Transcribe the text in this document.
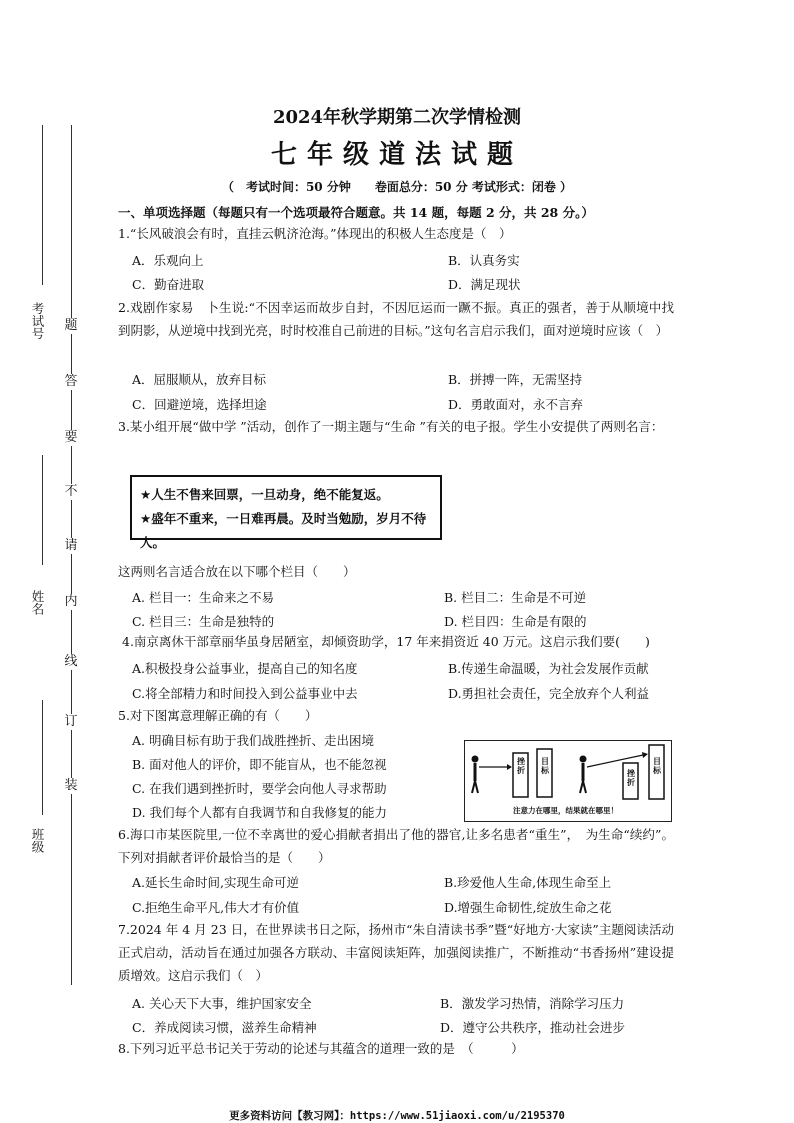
考试号
姓名
班级
题
答
要
不
请
内
线
订
装
2024年秋学期第二次学情检测
七年级道法试题
（　考试时间：50 分钟　　卷面总分：50 分 考试形式：闭卷 ）
一、单项选择题（每题只有一个选项最符合题意。共 14 题，每题 2 分，共 28 分。）
1.“长风破浪会有时，直挂云帆济沧海。”体现出的积极人生态度是（　）
A．乐观向上	B．认真务实
C．勤奋进取	D．满足现状
2.戏剧作家易　卜生说:“不因幸运而故步自封，不因厄运而一蹶不振。真正的强者，善于从顺境中找到阴影，从逆境中找到光亮，时时校准自己前进的目标。”这句名言启示我们，面对逆境时应该（　）
A．屈服顺从，放弃目标	B．拼搏一阵，无需坚持
C．回避逆境，选择坦途	D．勇敢面对，永不言弃
3.某小组开展“做中学 ”活动，创作了一期主题与“生命 ”有关的电子报。学生小安提供了两则名言：
★人生不售来回票，一旦动身，绝不能复返。
★盛年不重来，一日难再晨。及时当勉励，岁月不待人。
这两则名言适合放在以下哪个栏目（　　）
A. 栏目一：生命来之不易	B. 栏目二：生命是不可逆
C. 栏目三：生命是独特的	D. 栏目四：生命是有限的
4.南京离休干部章丽华虽身居陋室，却倾资助学，17 年来捐资近 40 万元。这启示我们要(　　)
A.积极投身公益事业，提高自己的知名度	B.传递生命温暖，为社会发展作贡献
C.将全部精力和时间投入到公益事业中去	D.勇担社会责任，完全放弃个人利益
5.对下图寓意理解正确的有（　　）
A. 明确目标有助于我们战胜挫折、走出困境
B. 面对他人的评价，即不能盲从，也不能忽视
C. 在我们遇到挫折时，要学会向他人寻求帮助
D. 我们每个人都有自我调节和自我修复的能力
挫折
目标	挫折
目标
注意力在哪里，结果就在哪里！
6.海口市某医院里,一位不幸离世的爱心捐献者捐出了他的器官,让多名患者“重生”，　为生命“续约”。下列对捐献者评价最恰当的是（　　）
A.延长生命时间,实现生命可逆	B.珍爱他人生命,体现生命至上
C.拒绝生命平凡,伟大才有价值	D.增强生命韧性,绽放生命之花
7.2024 年 4 月 23 日，在世界读书日之际，扬州市“朱自清读书季”暨“好地方·大家读”主题阅读活动正式启动，活动旨在通过加强各方联动、丰富阅读矩阵，加强阅读推广，不断推动“书香扬州”建设提质增效。这启示我们（　）
A. 关心天下大事，维护国家安全	B．激发学习热情，消除学习压力
C．养成阅读习惯，滋养生命精神	D．遵守公共秩序，推动社会进步
8.下列习近平总书记关于劳动的论述与其蕴含的道理一致的是　（　　　）
更多资料访问【教习网】：https://www.51jiaoxi.com/u/2195370
